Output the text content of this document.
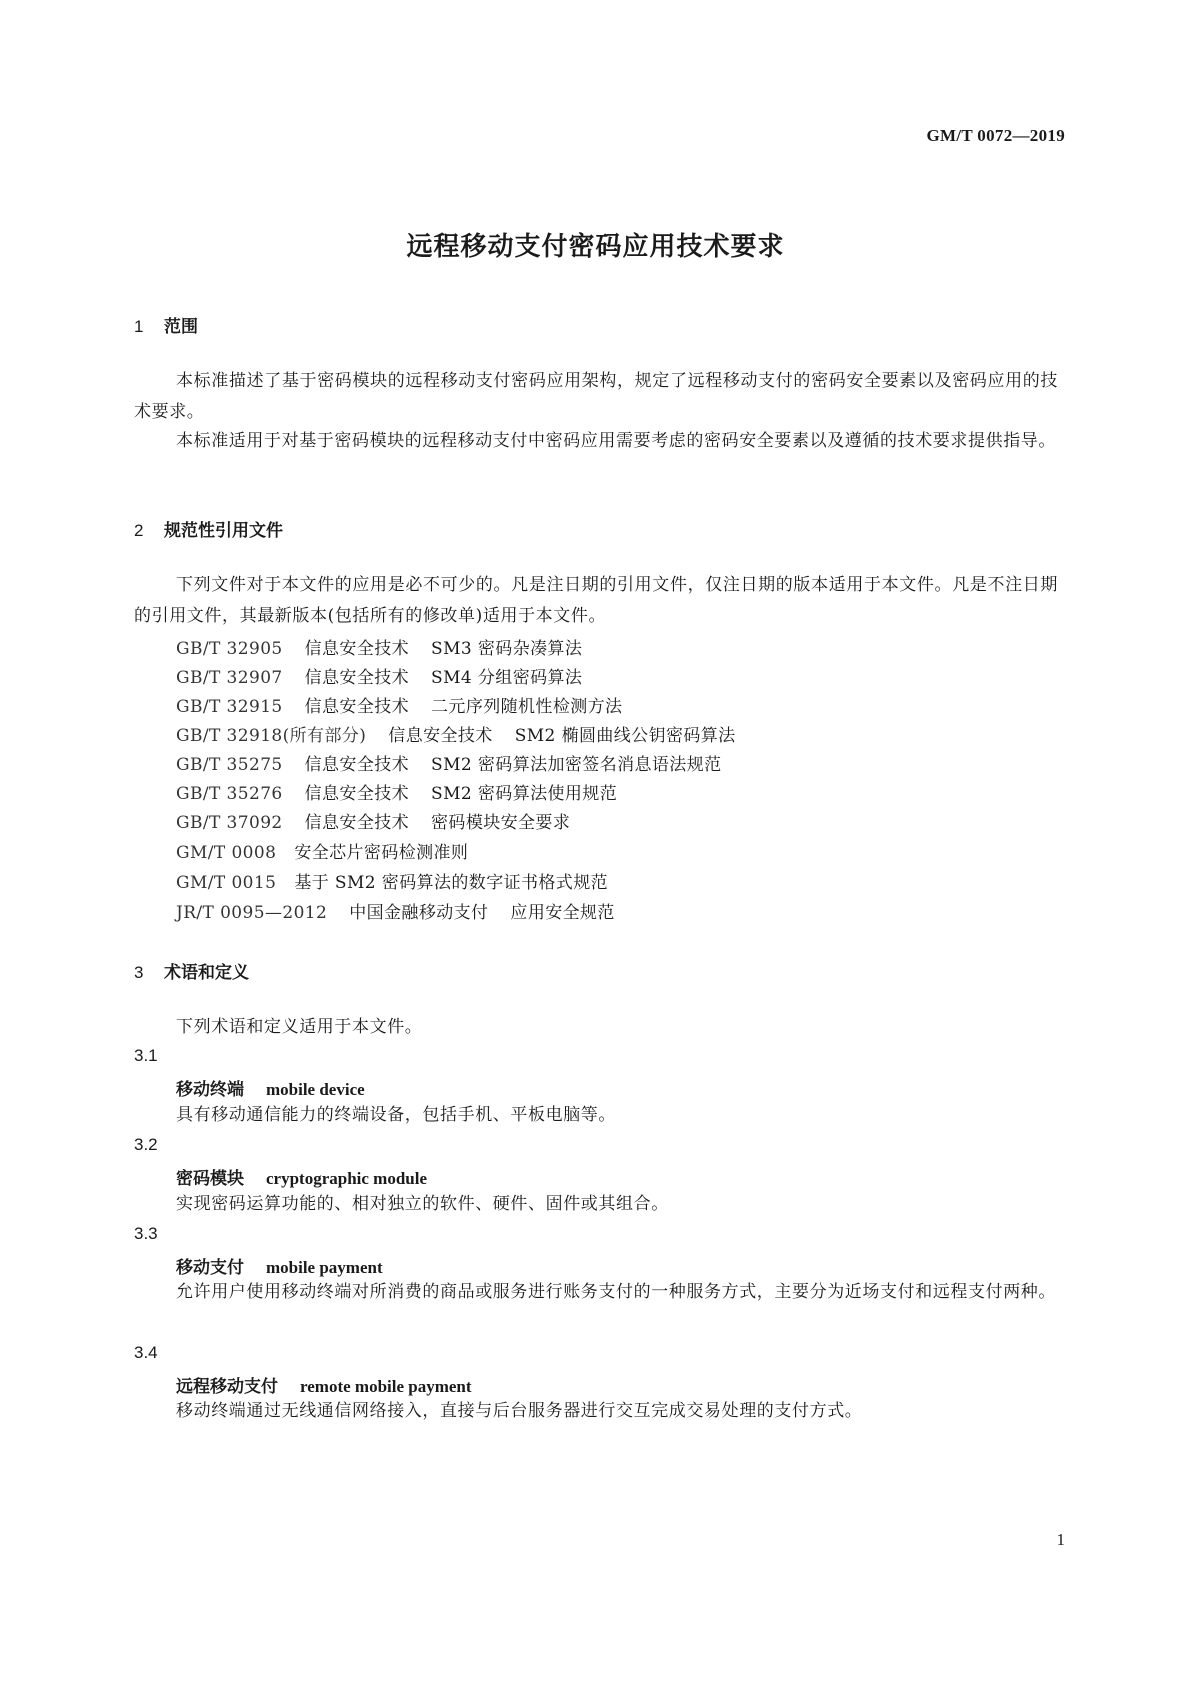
GM/T 0072—2019
远程移动支付密码应用技术要求
1 范围
本标准描述了基于密码模块的远程移动支付密码应用架构，规定了远程移动支付的密码安全要素以及密码应用的技术要求。
本标准适用于对基于密码模块的远程移动支付中密码应用需要考虑的密码安全要素以及遵循的技术要求提供指导。
2 规范性引用文件
下列文件对于本文件的应用是必不可少的。凡是注日期的引用文件，仅注日期的版本适用于本文件。凡是不注日期的引用文件，其最新版本(包括所有的修改单)适用于本文件。
GB/T 32905 信息安全技术 SM3 密码杂凑算法
GB/T 32907 信息安全技术 SM4 分组密码算法
GB/T 32915 信息安全技术 二元序列随机性检测方法
GB/T 32918(所有部分) 信息安全技术 SM2 椭圆曲线公钥密码算法
GB/T 35275 信息安全技术 SM2 密码算法加密签名消息语法规范
GB/T 35276 信息安全技术 SM2 密码算法使用规范
GB/T 37092 信息安全技术 密码模块安全要求
GM/T 0008 安全芯片密码检测准则
GM/T 0015 基于 SM2 密码算法的数字证书格式规范
JR/T 0095—2012 中国金融移动支付 应用安全规范
3 术语和定义
下列术语和定义适用于本文件。
3.1
移动终端 mobile device
具有移动通信能力的终端设备，包括手机、平板电脑等。
3.2
密码模块 cryptographic module
实现密码运算功能的、相对独立的软件、硬件、固件或其组合。
3.3
移动支付 mobile payment
允许用户使用移动终端对所消费的商品或服务进行账务支付的一种服务方式，主要分为近场支付和远程支付两种。
3.4
远程移动支付 remote mobile payment
移动终端通过无线通信网络接入，直接与后台服务器进行交互完成交易处理的支付方式。
1
